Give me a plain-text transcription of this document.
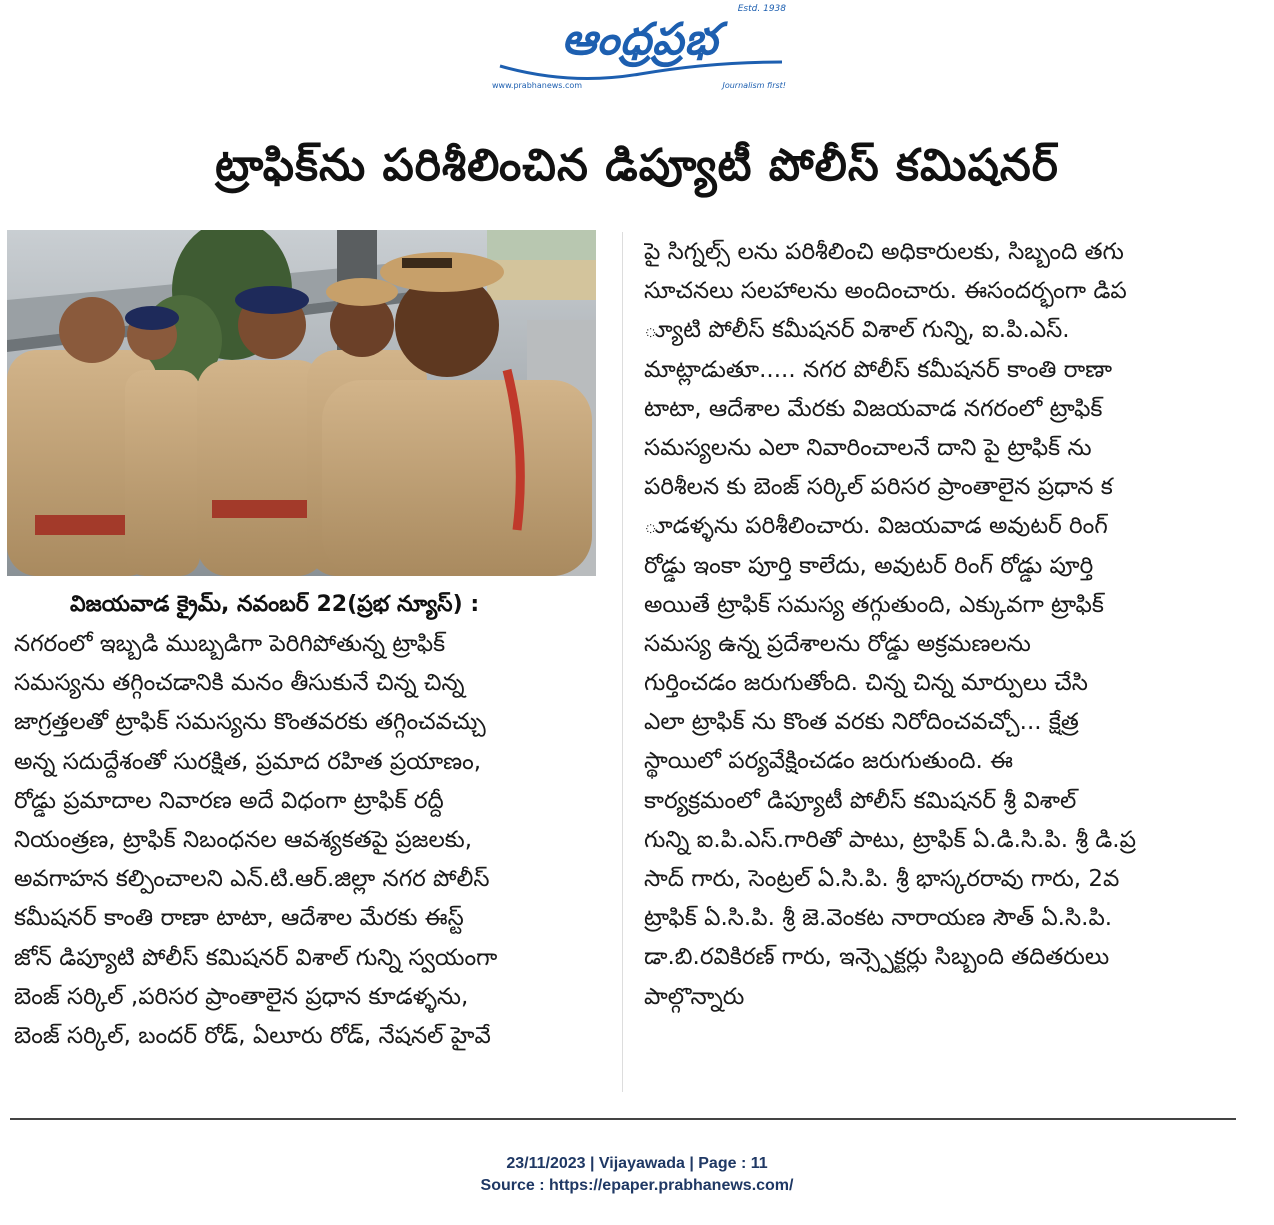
Estd. 1938
ఆంధ్రప్రభ
www.prabhanews.com	Journalism first!
ట్రాఫిక్‌ను పరిశీలించిన డిప్యూటీ పోలీస్ కమిషనర్
విజయవాడ క్రైమ్, నవంబర్ 22(ప్రభ న్యూస్) :
నగరంలో ఇబ్బడి ముబ్బడిగా పెరిగిపోతున్న ట్రాఫిక్
సమస్యను తగ్గించడానికి మనం తీసుకునే చిన్న చిన్న
జాగ్రత్తలతో ట్రాఫిక్ సమస్యను కొంతవరకు తగ్గించవచ్చు
అన్న సదుద్దేశంతో సురక్షిత, ప్రమాద రహిత ప్రయాణం,
రోడ్డు ప్రమాదాల నివారణ అదే విధంగా ట్రాఫిక్ రద్దీ
నియంత్రణ, ట్రాఫిక్ నిబంధనల ఆవశ్యకతపై ప్రజలకు,
అవగాహన కల్పించాలని ఎన్.టి.ఆర్.జిల్లా నగర పోలీస్
కమీషనర్ కాంతి రాణా టాటా, ఆదేశాల మేరకు ఈస్ట్
జోన్ డిప్యూటి పోలీస్ కమిషనర్ విశాల్ గున్ని స్వయంగా
బెంజ్ సర్కిల్ ,పరిసర ప్రాంతాలైన ప్రధాన కూడళ్ళను,
బెంజ్ సర్కిల్, బందర్ రోడ్, ఏలూరు రోడ్, నేషనల్ హైవే
పై సిగ్నల్స్ లను పరిశీలించి అధికారులకు, సిబ్బంది తగు
సూచనలు సలహాలను అందించారు. ఈసందర్భంగా డిప
్యూటి పోలీస్ కమీషనర్ విశాల్ గున్ని, ఐ.పి.ఎస్.
మాట్లాడుతూ..... నగర పోలీస్ కమీషనర్ కాంతి రాణా
టాటా, ఆదేశాల మేరకు విజయవాడ నగరంలో ట్రాఫిక్
సమస్యలను ఎలా నివారించాలనే దాని పై ట్రాఫిక్ ను
పరిశీలన కు బెంజ్ సర్కిల్ పరిసర ప్రాంతాలైన ప్రధాన క
ూడళ్ళను పరిశీలించారు. విజయవాడ అవుటర్ రింగ్
రోడ్డు ఇంకా పూర్తి కాలేదు, అవుటర్ రింగ్ రోడ్డు పూర్తి
అయితే ట్రాఫిక్ సమస్య తగ్గుతుంది, ఎక్కువగా ట్రాఫిక్
సమస్య ఉన్న ప్రదేశాలను రోడ్డు అక్రమణలను
గుర్తించడం జరుగుతోంది. చిన్న చిన్న మార్పులు చేసి
ఎలా ట్రాఫిక్ ను కొంత వరకు నిరోదించవచ్చో... క్షేత్ర
స్థాయిలో పర్యవేక్షించడం జరుగుతుంది. ఈ
కార్యక్రమంలో డిప్యూటీ పోలీస్ కమిషనర్ శ్రీ విశాల్
గున్ని ఐ.పి.ఎస్.గారితో పాటు, ట్రాఫిక్ ఏ.డి.సి.పి. శ్రీ డి.ప్ర
సాద్ గారు, సెంట్రల్ ఏ.సి.పి. శ్రీ భాస్కరరావు గారు, 2వ
ట్రాఫిక్ ఏ.సి.పి. శ్రీ జె.వెంకట నారాయణ సౌత్ ఏ.సి.పి.
డా.బి.రవికిరణ్ గారు, ఇన్స్పెక్టర్లు సిబ్బంది తదితరులు
పాల్గొన్నారు
23/11/2023 | Vijayawada | Page : 11
Source : https://epaper.prabhanews.com/
